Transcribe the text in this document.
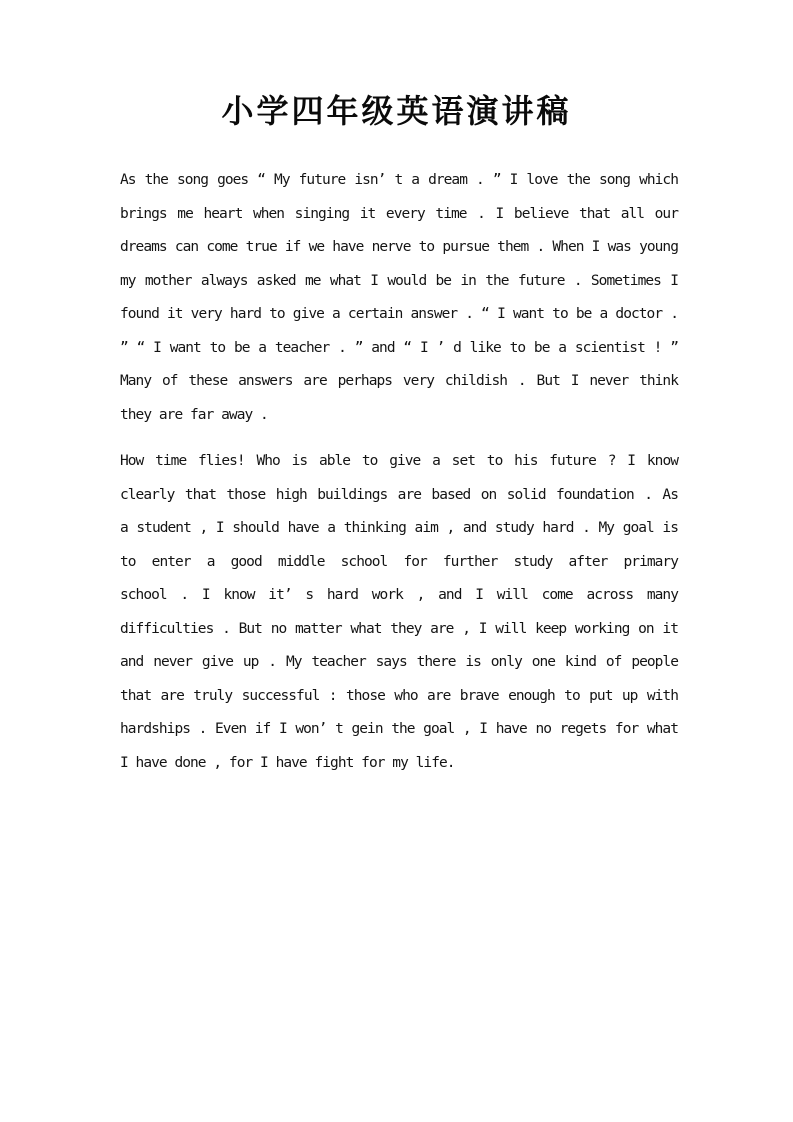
小学四年级英语演讲稿
As the song goes “ My future isn’ t a dream . ” I love the song which
brings me heart when singing it every time . I believe that all our
dreams can come true if we have nerve to pursue them . When I was young
my mother always asked me what I would be in the future . Sometimes I
found it very hard to give a certain answer . “ I want to be a doctor .
” “ I want to be a teacher . ” and “ I ’ d like to be a scientist ! ”
Many of these answers are perhaps very childish . But I never think
they are far away .
How time flies! Who is able to give a set to his future ? I know
clearly that those high buildings are based on solid foundation . As
a student , I should have a thinking aim , and study hard . My goal is
to enter a good middle school for further study after primary
school . I know it’ s hard work , and I will come across many
difficulties . But no matter what they are , I will keep working on it
and never give up . My teacher says there is only one kind of people
that are truly successful : those who are brave enough to put up with
hardships . Even if I won’ t gein the goal , I have no regets for what
I have done , for I have fight for my life.
